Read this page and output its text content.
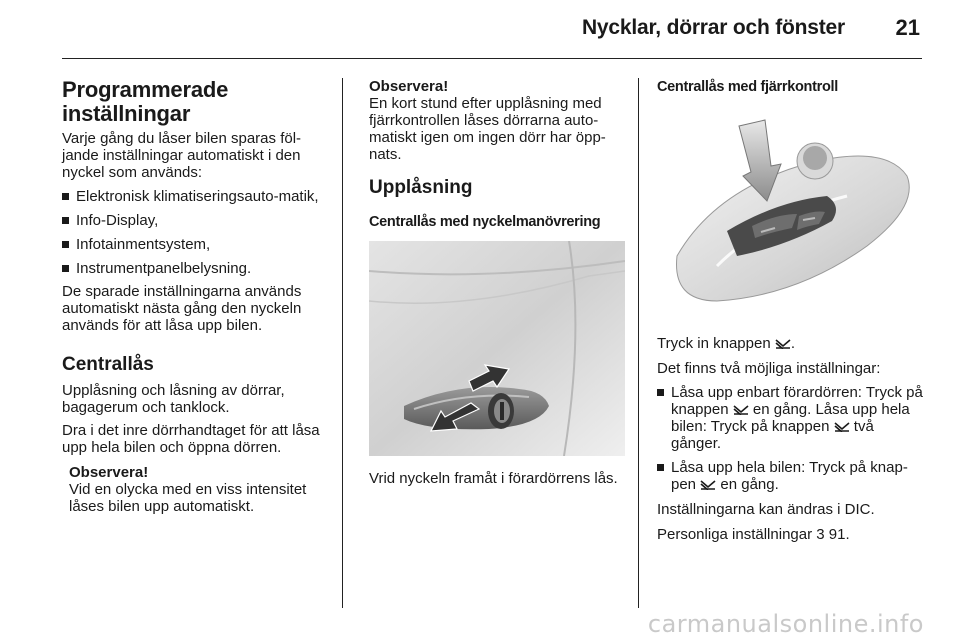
Nycklar, dörrar och fönster 21
Programmerade inställningar

Varje gång du låser bilen sparas föl-jande inställningar automatiskt i den nyckel som används:

Elektronisk klimatiseringsauto-matik,
Info-Display,
Infotainmentsystem,
Instrumentpanelbelysning.

De sparade inställningarna används automatiskt nästa gång den nyckeln används för att låsa upp bilen.

Centrallås

Upplåsning och låsning av dörrar, bagagerum och tanklock.

Dra i det inre dörrhandtaget för att låsa upp hela bilen och öppna dörren.

Observera!

Vid en olycka med en viss intensitet låses bilen upp automatiskt.

Observera!

En kort stund efter upplåsning med fjärrkontrollen låses dörrarna auto-matiskt igen om ingen dörr har öpp-nats.

Upplåsning
Centrallås med nyckelmanövrering

Vrid nyckeln framåt i förardörrens lås.

Centrallås med fjärrkontroll

Tryck in knappen .

Det finns två möjliga inställningar:

Låsa upp enbart förardörren: Tryck på knappen en gång. Låsa upp hela bilen: Tryck på knappen två gånger.
Låsa upp hela bilen: Tryck på knap-pen en gång.

Inställningarna kan ändras i DIC.

Personliga inställningar 3 91.

carmanualsonline.info
